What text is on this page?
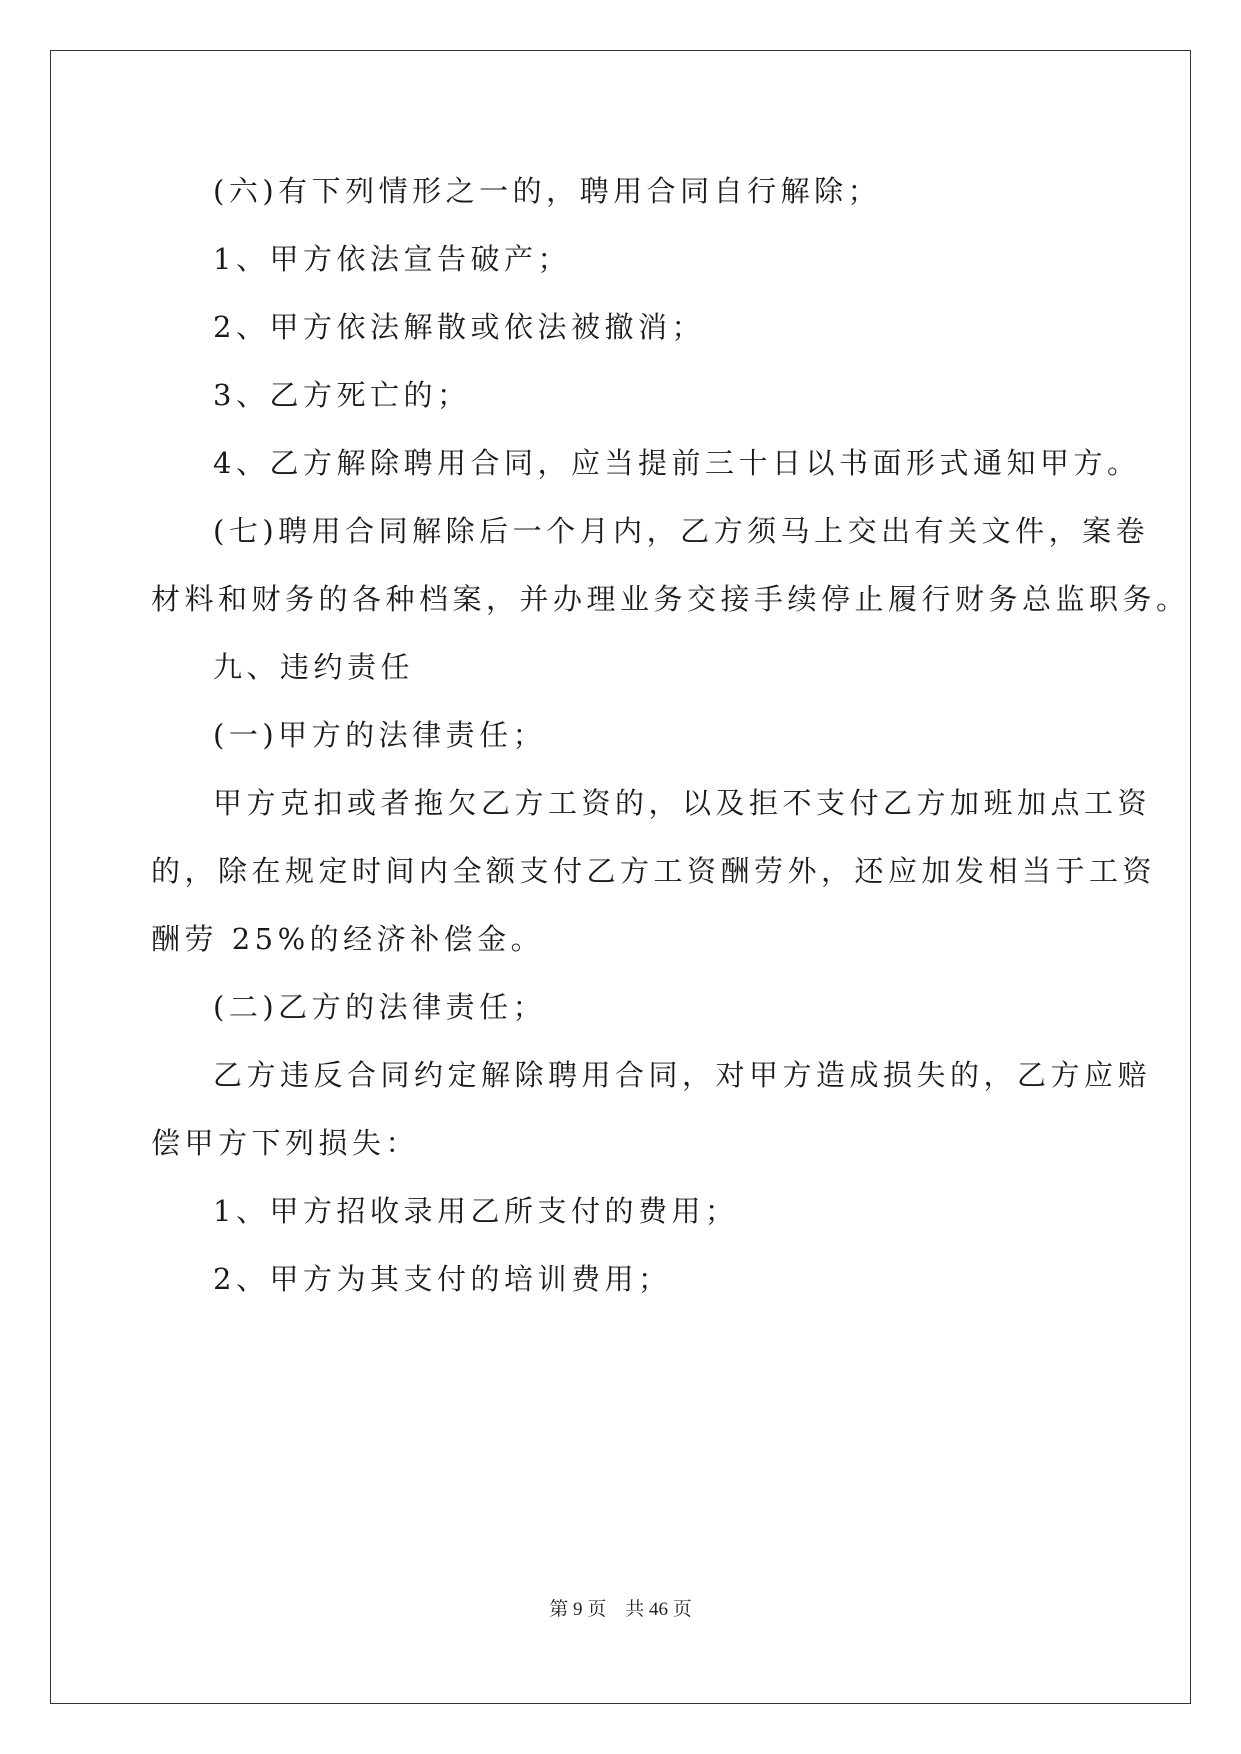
(六)有下列情形之一的，聘用合同自行解除；
1、甲方依法宣告破产；
2、甲方依法解散或依法被撤消；
3、乙方死亡的；
4、乙方解除聘用合同，应当提前三十日以书面形式通知甲方。
(七)聘用合同解除后一个月内，乙方须马上交出有关文件，案卷
材料和财务的各种档案，并办理业务交接手续停止履行财务总监职务。
九、违约责任
(一)甲方的法律责任；
甲方克扣或者拖欠乙方工资的，以及拒不支付乙方加班加点工资
的，除在规定时间内全额支付乙方工资酬劳外，还应加发相当于工资
酬劳 25%的经济补偿金。
(二)乙方的法律责任；
乙方违反合同约定解除聘用合同，对甲方造成损失的，乙方应赔
偿甲方下列损失：
1、甲方招收录用乙所支付的费用；
2、甲方为其支付的培训费用；
第 9 页    共 46 页
